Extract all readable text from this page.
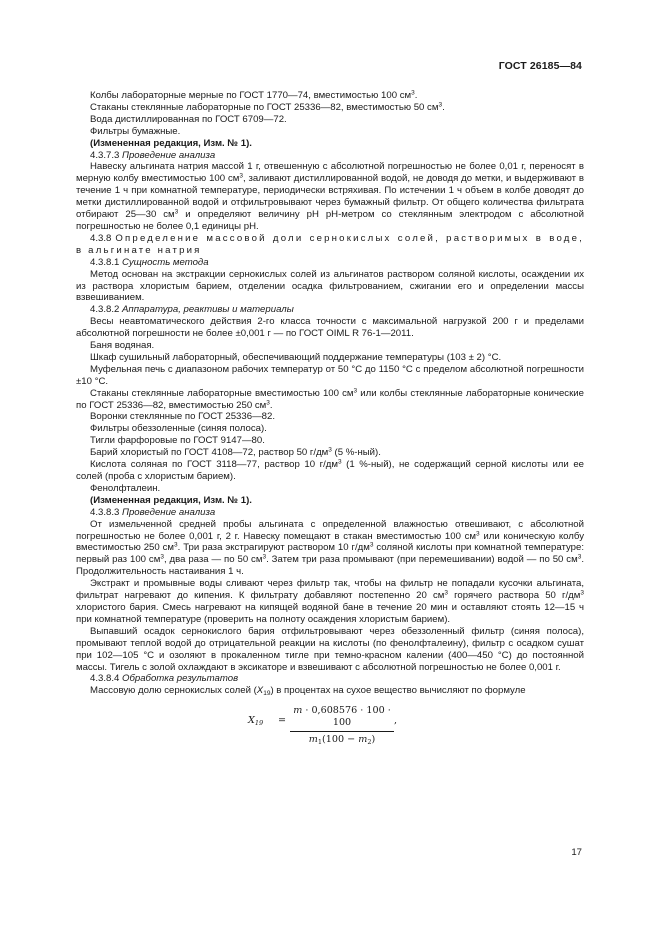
ГОСТ 26185—84

Колбы лабораторные мерные по ГОСТ 1770—74, вместимостью 100 $см^3$.

Стаканы стеклянные лабораторные по ГОСТ 25336—82, вместимостью 50 $см^3$.

Вода дистиллированная по ГОСТ 6709—72.

Фильтры бумажные.

(Измененная редакция, Изм. № 1).

4.3.7.3 Проведение анализа

Навеску альгината натрия массой 1 г, отвешенную с абсолютной погрешностью не более 0,01 г, переносят в мерную колбу вместимостью 100 $см^3$, заливают дистиллированной водой, не доводя до метки, и выдерживают в течение 1 ч при комнатной температуре, периодически встряхивая. По истечении 1 ч объем в колбе доводят до метки дистиллированной водой и отфильтровывают через бумажный фильтр. От общего количества фильтрата отбирают 25—30 $см^3$ и определяют величину pH pH-метром со стеклянным электродом с абсолютной погрешностью не более 0,1 единицы pH.

4.3.8 Определение массовой доли сернокислых солей, растворимых в воде, в альгинате натрия

4.3.8.1 Сущность метода

Метод основан на экстракции сернокислых солей из альгинатов раствором соляной кислоты, осаждении их из раствора хлористым барием, отделении осадка фильтрованием, сжигании его и определении массы взвешиванием.

4.3.8.2 Аппаратура, реактивы и материалы

Весы неавтоматического действия 2-го класса точности с максимальной нагрузкой 200 г и пределами абсолютной погрешности не более ±0,001 г — по ГОСТ OIML R 76-1—2011.

Баня водяная.

Шкаф сушильный лабораторный, обеспечивающий поддержание температуры (103 ± 2) °С.

Муфельная печь с диапазоном рабочих температур от 50 °С до 1150 °С с пределом абсолютной погрешности ±10 °С.

Стаканы стеклянные лабораторные вместимостью 100 $см^3$ или колбы стеклянные лабораторные конические по ГОСТ 25336—82, вместимостью 250 $см^3$.

Воронки стеклянные по ГОСТ 25336—82.

Фильтры обеззоленные (синяя полоса).

Тигли фарфоровые по ГОСТ 9147—80.

Барий хлористый по ГОСТ 4108—72, раствор 50 $г/дм^3$ (5 %-ный).

Кислота соляная по ГОСТ 3118—77, раствор 10 $г/дм^3$ (1 %-ный), не содержащий серной кислоты или ее солей (проба с хлористым барием).

Фенолфталеин.

(Измененная редакция, Изм. № 1).

4.3.8.3 Проведение анализа

От измельченной средней пробы альгината с определенной влажностью отвешивают, с абсолютной погрешностью не более 0,001 г, 2 г. Навеску помещают в стакан вместимостью 100 $см^3$ или коническую колбу вместимостью 250 $см^3$. Три раза экстрагируют раствором 10 $г/дм^3$ соляной кислоты при комнатной температуре: первый раз 100 $см^3$, два раза — по 50 $см^3$. Затем три раза промывают (при перемешивании) водой — по 50 $см^3$. Продолжительность настаивания 1 ч.

Экстракт и промывные воды сливают через фильтр так, чтобы на фильтр не попадали кусочки альгината, фильтрат нагревают до кипения. К фильтрату добавляют постепенно 20 $см^3$ горячего раствора 50 $г/дм^3$ хлористого бария. Смесь нагревают на кипящей водяной бане в течение 20 мин и оставляют стоять 12—15 ч при комнатной температуре (проверить на полноту осаждения хлористым барием).

Выпавший осадок сернокислого бария отфильтровывают через обеззоленный фильтр (синяя полоса), промывают теплой водой до отрицательной реакции на кислоты (по фенолфталеину), фильтр с осадком сушат при 102—105 °С и озоляют в прокаленном тигле при темно-красном калении (400—450 °С) до постоянной массы. Тигель с золой охлаждают в эксикаторе и взвешивают с абсолютной погрешностью не более 0,001 г.

4.3.8.4 Обработка результатов

Массовую долю сернокислых солей $(X_{19})$ в процентах на сухое вещество вычисляют по формуле

$X_{19}$ =
m · 0,608576 · 100 · 100
$m_1(100 - m_2)$
,
17
